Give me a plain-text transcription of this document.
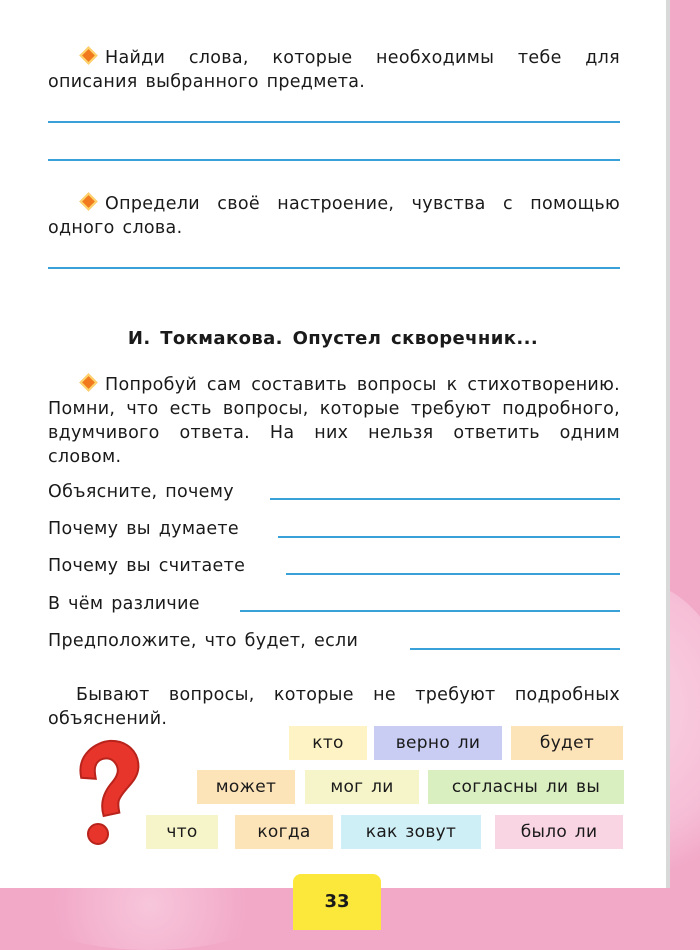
Найди слова, которые необходимы тебе для описания выбранного предмета.
Определи своё настроение, чувства с помощью одного слова.
И. Токмакова. Опустел скворечник...
Попробуй сам составить вопросы к стихотворению. Помни, что есть вопросы, которые требуют подробного, вдумчивого ответа. На них нельзя ответить одним словом.
Объясните, почему
Почему вы думаете
Почему вы считаете
В чём различие
Предположите, что будет, если
Бывают вопросы, которые не требуют подробных объяснений.
кто	верно ли	будет
может	мог ли	согласны ли вы
что	когда	как зовут	было ли
33
